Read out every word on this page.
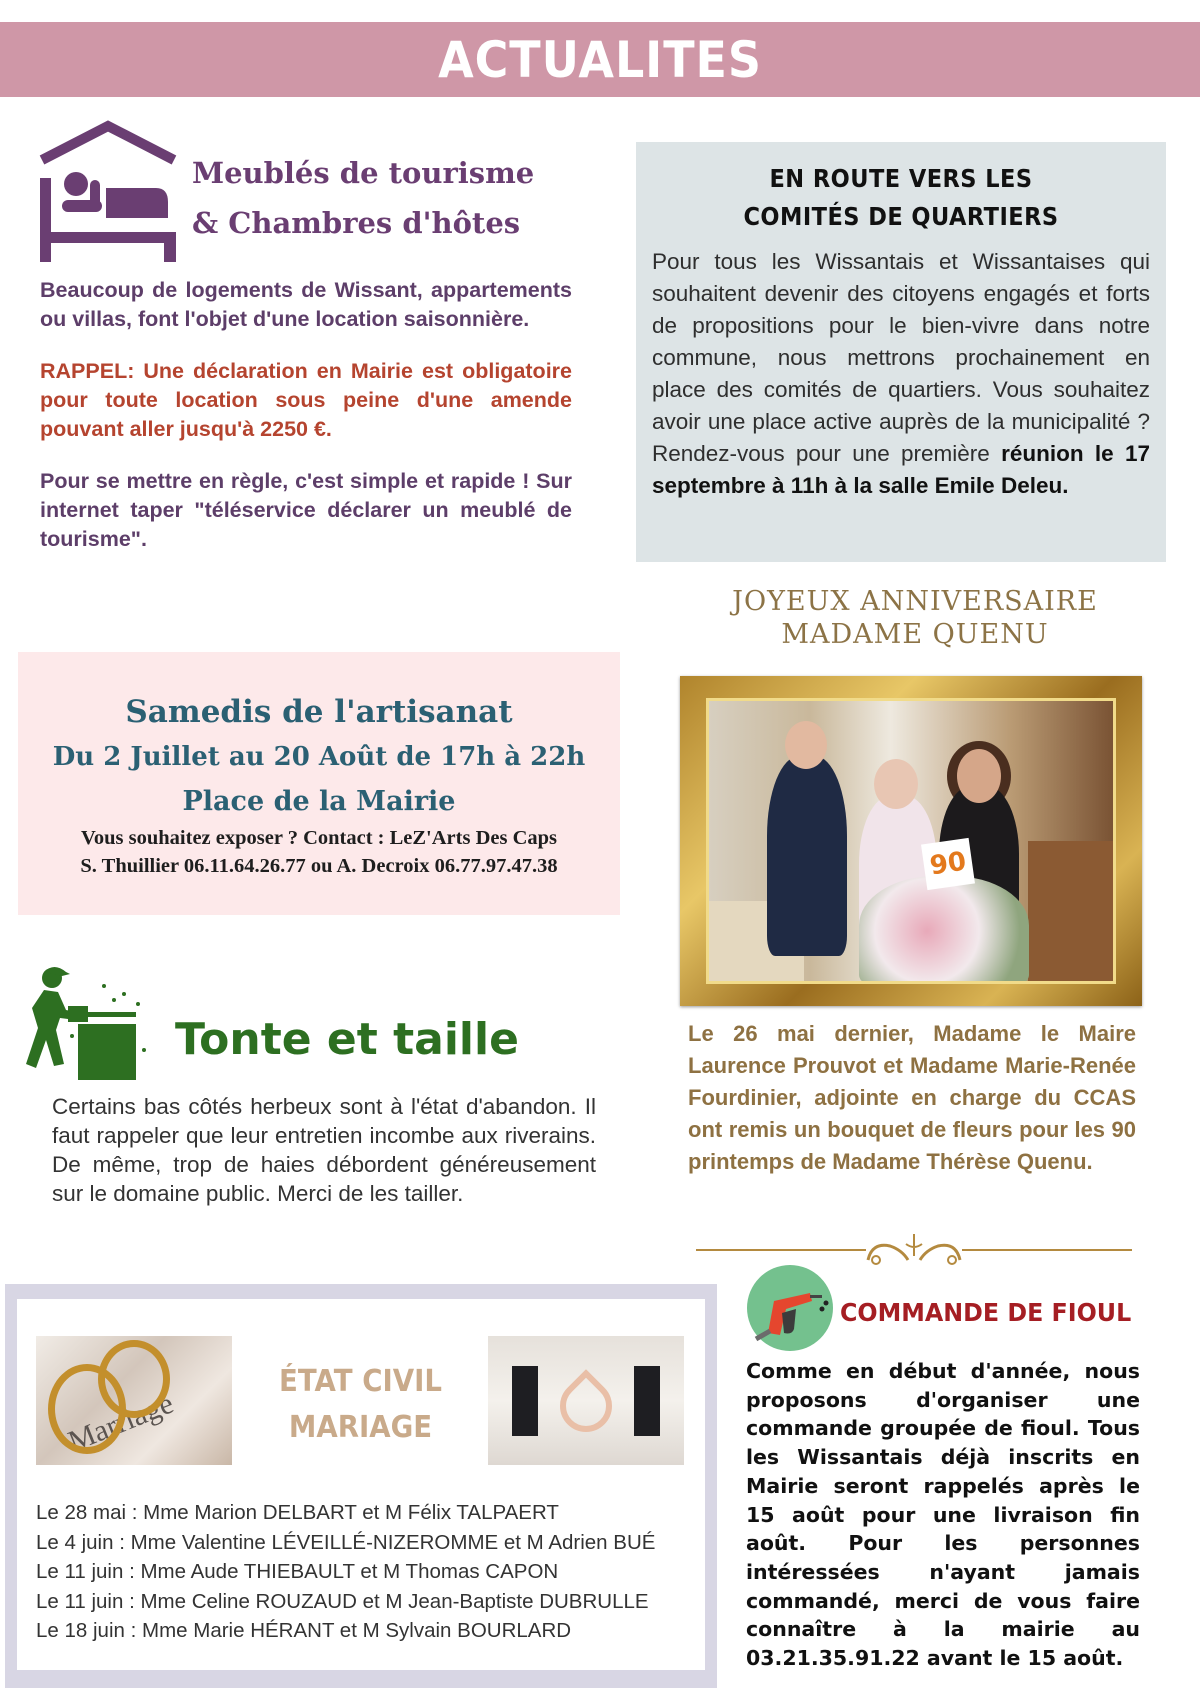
ACTUALITES
Meublés de tourisme
& Chambres d'hôtes

Beaucoup de logements de Wissant, appartements ou villas, font l'objet d'une location saisonnière.

RAPPEL: Une déclaration en Mairie est obligatoire pour toute location sous peine d'une amende pouvant aller jusqu'à 2250 €.

Pour se mettre en règle, c'est simple et rapide ! Sur internet taper "téléservice déclarer un meublé de tourisme".

EN ROUTE VERS LES
COMITÉS DE QUARTIERS
Pour tous les Wissantais et Wissantaises qui souhaitent devenir des citoyens engagés et forts de propositions pour le bien-vivre dans notre commune, nous mettrons prochainement en place des comités de quartiers. Vous souhaitez avoir une place active auprès de la municipalité ? Rendez-vous pour une première réunion le 17 septembre à 11h à la salle Emile Deleu.
JOYEUX ANNIVERSAIRE
MADAME QUENU
90
Le 26 mai dernier, Madame le Maire Laurence Prouvot et Madame Marie-Renée Fourdinier, adjointe en charge du CCAS ont remis un bouquet de fleurs pour les 90 printemps de Madame Thérèse Quenu.
Samedis de l'artisanat
Du 2 Juillet au 20 Août de 17h à 22h
Place de la Mairie
Vous souhaitez exposer ? Contact : LeZ'Arts Des Caps
S. Thuillier 06.11.64.26.77 ou A. Decroix 06.77.97.47.38
Tonte et taille
Certains bas côtés herbeux sont à l'état d'abandon. Il faut rappeler que leur entretien incombe aux riverains. De même, trop de haies débordent généreusement sur le domaine public. Merci de les tailler.
Marriage
ÉTAT CIVIL
MARIAGE
Le 28 mai : Mme Marion DELBART et M Félix TALPAERT
Le 4 juin : Mme Valentine LÉVEILLÉ-NIZEROMME et M Adrien BUÉ
Le 11 juin : Mme Aude THIEBAULT et M Thomas CAPON
Le 11 juin : Mme Celine ROUZAUD et M Jean-Baptiste DUBRULLE
Le 18 juin : Mme Marie HÉRANT et M Sylvain BOURLARD
COMMANDE DE FIOUL
Comme en début d'année, nous proposons d'organiser une commande groupée de fioul. Tous les Wissantais déjà inscrits en Mairie seront rappelés après le 15 août pour une livraison fin août. Pour les personnes intéressées n'ayant jamais commandé, merci de vous faire connaître à la mairie au 03.21.35.91.22 avant le 15 août.
